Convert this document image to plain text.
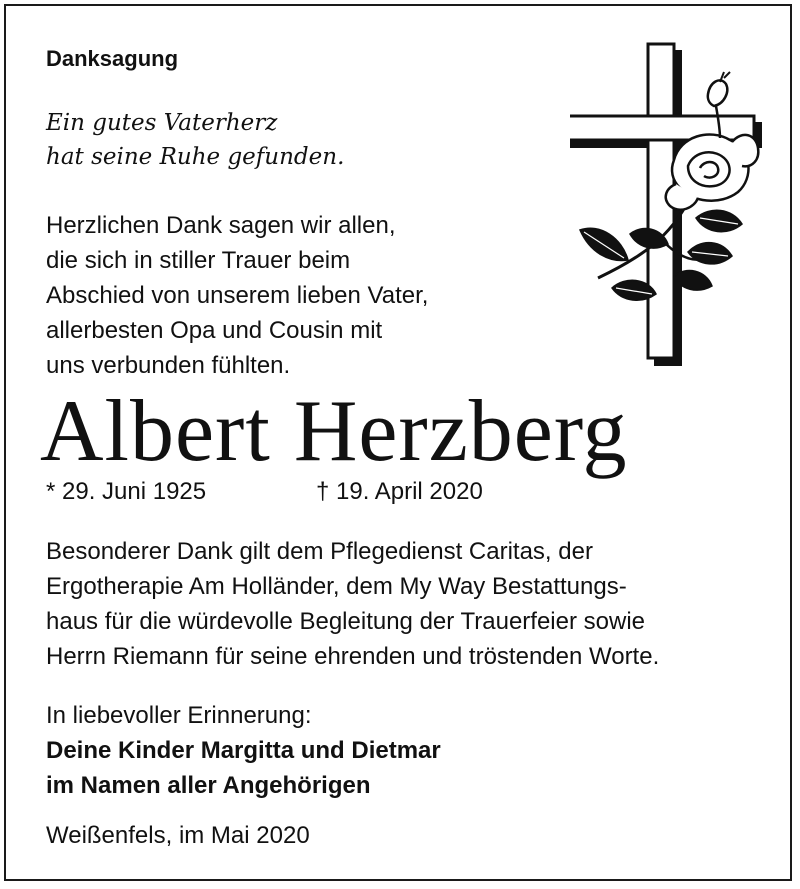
Danksagung

Ein gutes Vaterherz
hat seine Ruhe gefunden.

Herzlichen Dank sagen wir allen,
die sich in stiller Trauer beim
Abschied von unserem lieben Vater,
allerbesten Opa und Cousin mit
uns verbunden fühlten.

Albert Herzberg

* 29. Juni 1925	† 19. April 2020

Besonderer Dank gilt dem Pflegedienst Caritas, der
Ergotherapie Am Holländer, dem My Way Bestattungs-
haus für die würdevolle Begleitung der Trauerfeier sowie
Herrn Riemann für seine ehrenden und tröstenden Worte.

In liebevoller Erinnerung:
Deine Kinder Margitta und Dietmar
im Namen aller Angehörigen

Weißenfels, im Mai 2020
